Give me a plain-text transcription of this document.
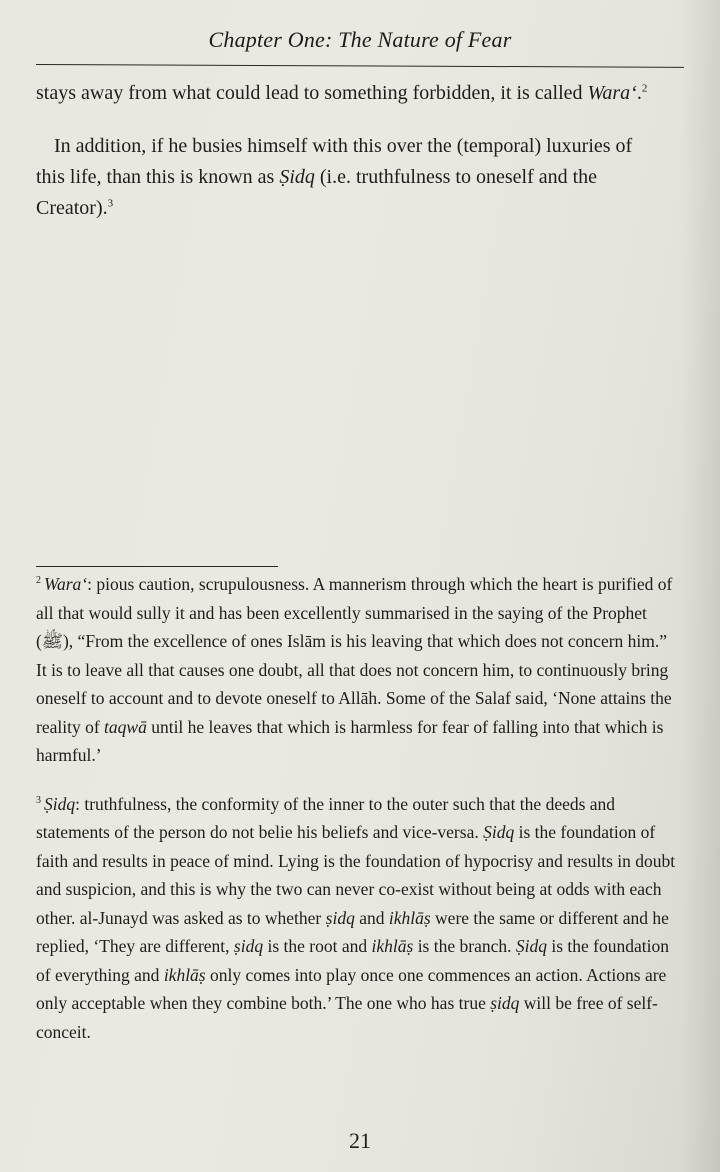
Chapter One: The Nature of Fear

stays away from what could lead to something forbidden, it is called Wara‘.$^2$

In addition, if he busies himself with this over the (temporal) luxuries of this life, than this is known as Ṣidq (i.e. truthfulness to oneself and the Creator).$^3$

$^2$ Wara‘: pious caution, scrupulousness. A mannerism through which the heart is purified of all that would sully it and has been excellently summarised in the saying of the Prophet (ﷺ), “From the excellence of ones Islām is his leaving that which does not concern him.” It is to leave all that causes one doubt, all that does not concern him, to continuously bring oneself to account and to devote oneself to Allāh. Some of the Salaf said, ‘None attains the reality of taqwā until he leaves that which is harmless for fear of falling into that which is harmful.’

$^3$ Ṣidq: truthfulness, the conformity of the inner to the outer such that the deeds and statements of the person do not belie his beliefs and vice-versa. Ṣidq is the foundation of faith and results in peace of mind. Lying is the foundation of hypocrisy and results in doubt and suspicion, and this is why the two can never co-exist without being at odds with each other. al-Junayd was asked as to whether ṣidq and ikhlāṣ were the same or different and he replied, ‘They are different, ṣidq is the root and ikhlāṣ is the branch. Ṣidq is the foundation of everything and ikhlāṣ only comes into play once one commences an action. Actions are only acceptable when they combine both.’ The one who has true ṣidq will be free of self-conceit.

21
